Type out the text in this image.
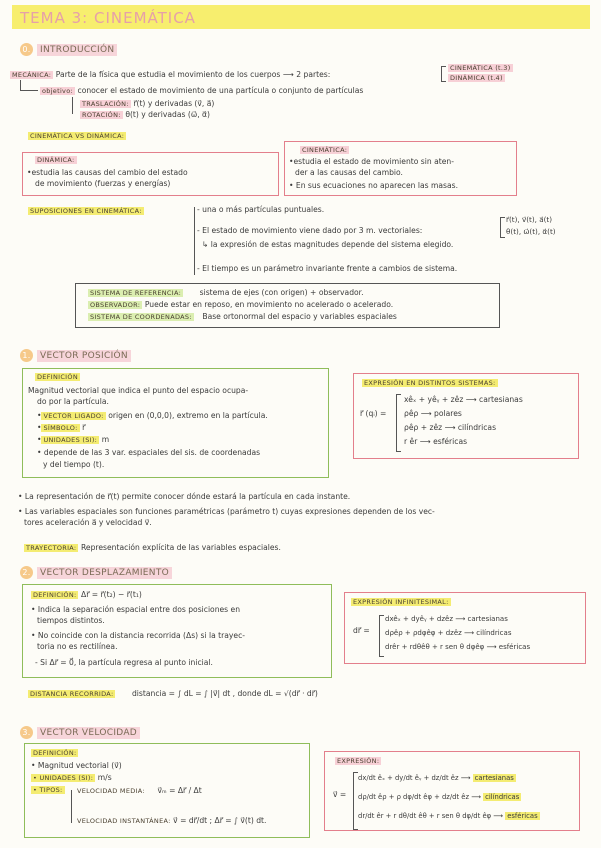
TEMA 3: CINEMÁTICA
0. INTRODUCCIÓN
MECÁNICA: Parte de la física que estudia el movimiento de los cuerpos ⟶ 2 partes:
CINEMÁTICA (t.3)
DINÁMICA (t.4)
objetivo: conocer el estado de movimiento de una partícula o conjunto de partículas
TRASLACIÓN: r⃗(t) y derivadas (v⃗, a⃗)
ROTACIÓN: θ(t) y derivadas (ω⃗, α⃗)
CINEMÁTICA VS DINÁMICA:
DINÁMICA:
•estudia las causas del cambio del estado
de movimiento (fuerzas y energías)
CINEMÁTICA:
•estudia el estado de movimiento sin aten-
der a las causas del cambio.
• En sus ecuaciones no aparecen las masas.
SUPOSICIONES EN CINEMÁTICA:	- una o más partículas puntuales.
- El estado de movimiento viene dado por 3 m. vectoriales:
r⃗(t), v⃗(t), a⃗(t)
θ(t), ω⃗(t), α⃗(t)
↳ la expresión de estas magnitudes depende del sistema elegido.
- El tiempo es un parámetro invariante frente a cambios de sistema.
SISTEMA DE REFERENCIA: sistema de ejes (con origen) + observador.
OBSERVADOR: Puede estar en reposo, en movimiento no acelerado o acelerado.
SISTEMA DE COORDENADAS: Base ortonormal del espacio y variables espaciales
1. VECTOR POSICIÓN
DEFINICIÓN
Magnitud vectorial que indica el punto del espacio ocupa-
do por la partícula.
• VECTOR LIGADO: origen en (0,0,0), extremo en la partícula.
• SÍMBOLO: r⃗
• UNIDADES (SI): m
• depende de las 3 var. espaciales del sis. de coordenadas
y del tiempo (t).
EXPRESIÓN EN DISTINTOS SISTEMAS:
r⃗ (qᵢ) =
xêₓ + yêᵧ + zêz ⟶ cartesianas
ρêρ ⟶ polares
ρêρ + zêz ⟶ cilíndricas
r êr ⟶ esféricas
• La representación de r⃗(t) permite conocer dónde estará la partícula en cada instante.
• Las variables espaciales son funciones paramétricas (parámetro t) cuyas expresiones dependen de los vec-
tores aceleración a⃗ y velocidad v⃗.
TRAYECTORIA: Representación explícita de las variables espaciales.
2. VECTOR DESPLAZAMIENTO
DEFINICIÓN: Δr⃗ = r⃗(t₂) − r⃗(t₁)
• Indica la separación espacial entre dos posiciones en
tiempos distintos.
• No coincide con la distancia recorrida (Δs) si la trayec-
toria no es rectilínea.
- Si Δr⃗ = 0⃗, la partícula regresa al punto inicial.
EXPRESIÓN INFINITESIMAL:
dr⃗ =
dxêₓ + dyêᵧ + dzêz ⟶ cartesianas
dρêρ + ρdφêφ + dzêz ⟶ cilíndricas
drêr + rdθêθ + r sen θ dφêφ ⟶ esféricas
DISTANCIA RECORRIDA: distancia = ∫ dL = ∫ |v⃗| dt , donde dL = √(dr⃗ · dr⃗)
3. VECTOR VELOCIDAD
DEFINICIÓN:
• Magnitud vectorial (v⃗)
• UNIDADES (SI): m/s
• TIPOS:	VELOCIDAD MEDIA: v⃗ₘ = Δr⃗ / Δt
VELOCIDAD INSTANTÁNEA: v⃗ = dr⃗/dt ; Δr⃗ = ∫ v⃗(t) dt.
EXPRESIÓN:
v⃗ =
dx/dt êₓ + dy/dt êᵧ + dz/dt êz ⟶ cartesianas
dρ/dt êρ + ρ dφ/dt êφ + dz/dt êz ⟶ cilíndricas
dr/dt êr + r dθ/dt êθ + r sen θ dφ/dt êφ ⟶ esféricas
